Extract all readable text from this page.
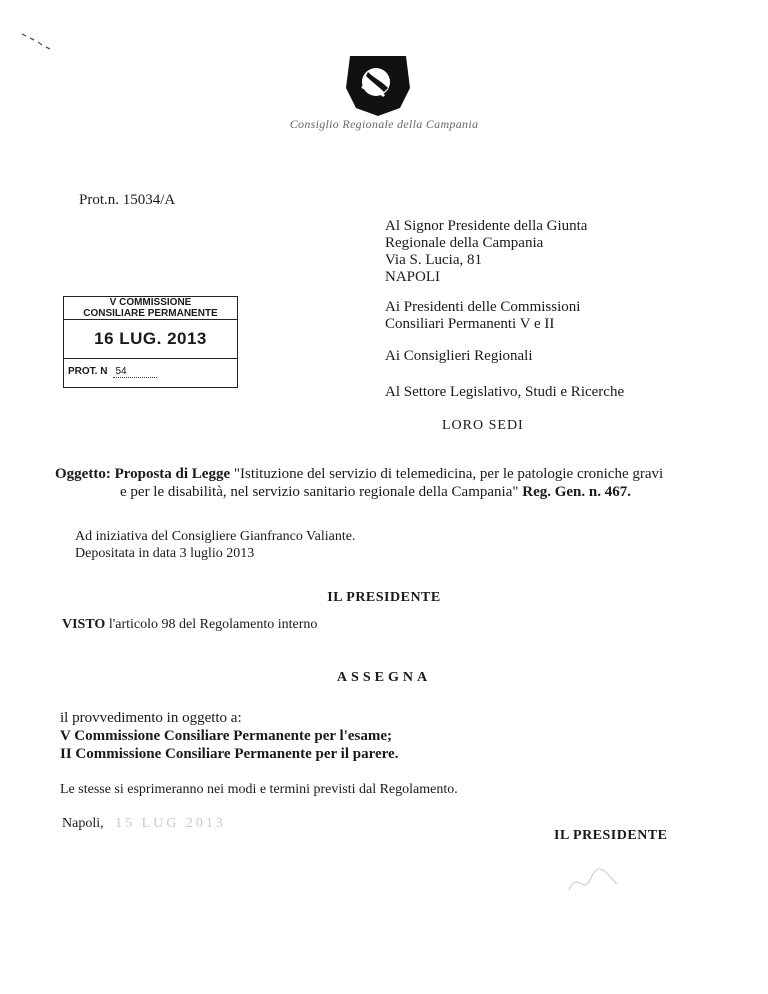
Consiglio Regionale della Campania
Prot.n. 15034/A
Al Signor Presidente della Giunta
Regionale della Campania
Via S. Lucia, 81
NAPOLI
Ai Presidenti delle Commissioni
Consiliari Permanenti V e II
Ai Consiglieri Regionali
Al Settore Legislativo, Studi e Ricerche
LORO SEDI
V COMMISSIONE
CONSILIARE PERMANENTE
16 LUG. 2013
PROT. N 54
Oggetto: Proposta di Legge "Istituzione del servizio di telemedicina, per le patologie croniche gravi
e per le disabilità, nel servizio sanitario regionale della Campania" Reg. Gen. n. 467.
Ad iniziativa del Consigliere Gianfranco Valiante.
Depositata in data 3 luglio 2013
IL PRESIDENTE
VISTO l'articolo 98 del Regolamento interno
ASSEGNA
il provvedimento in oggetto a:
V Commissione Consiliare Permanente per l'esame;
II Commissione Consiliare Permanente per il parere.
Le stesse si esprimeranno nei modi e termini previsti dal Regolamento.
Napoli, 15 LUG 2013
IL PRESIDENTE
